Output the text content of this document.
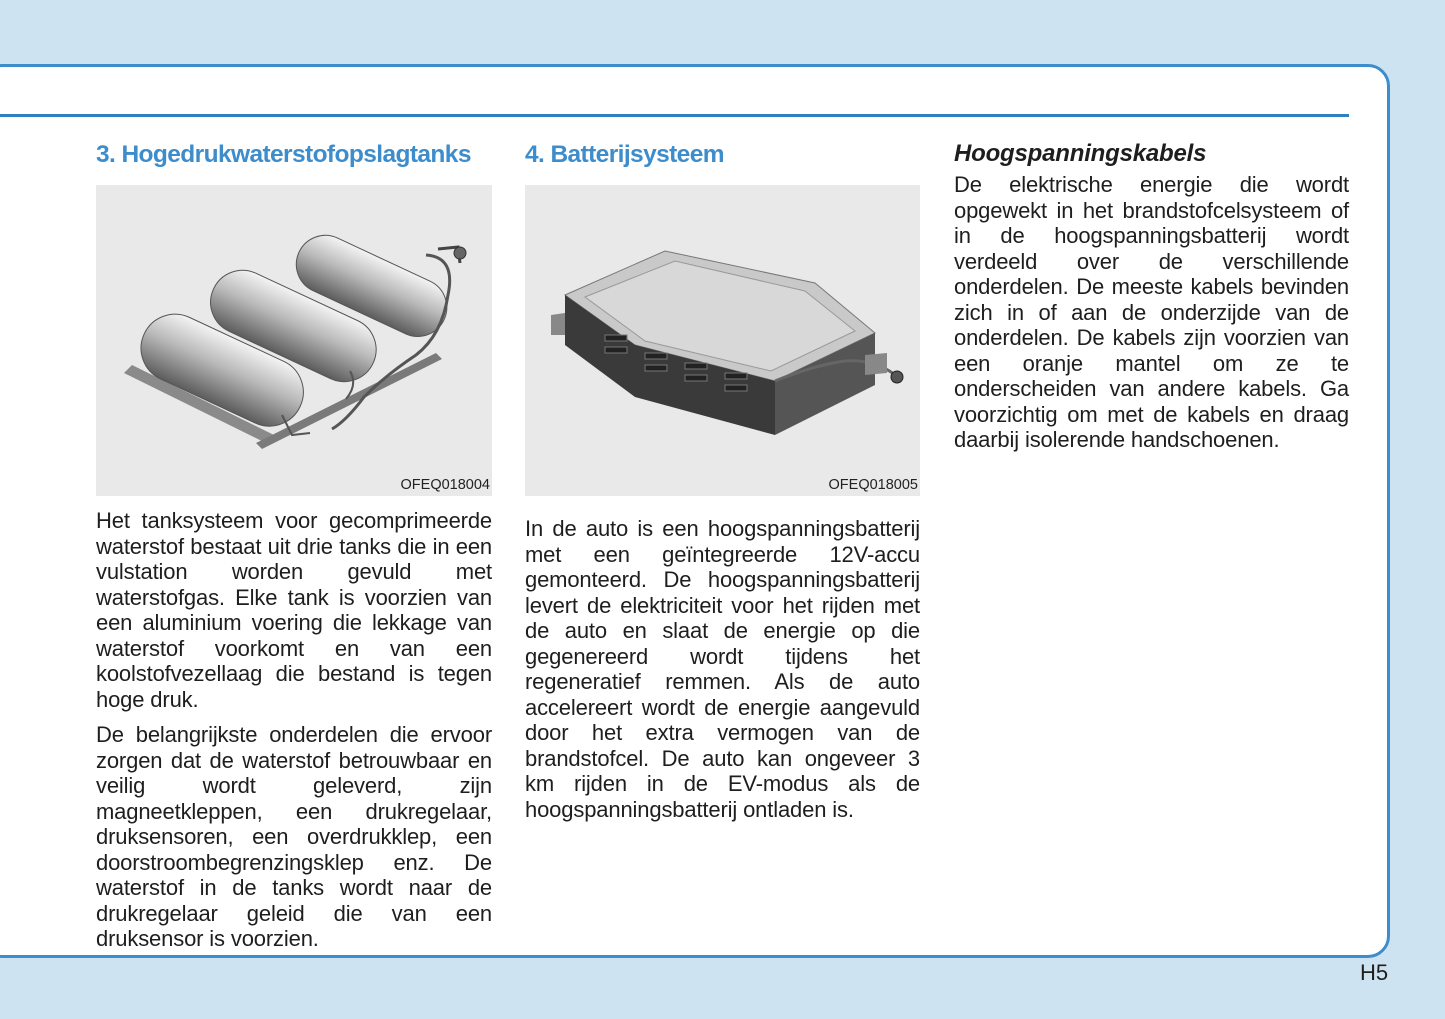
3. Hogedrukwaterstofopslagtanks
OFEQ018004

Het tanksysteem voor gecomprimeerde waterstof bestaat uit drie tanks die in een vulstation worden gevuld met waterstofgas. Elke tank is voorzien van een aluminium voering die lekkage van waterstof voorkomt en van een koolstofvezellaag die bestand is tegen hoge druk.

De belangrijkste onderdelen die ervoor zorgen dat de waterstof betrouwbaar en veilig wordt geleverd, zijn magneetkleppen, een drukregelaar, druksensoren, een overdrukklep, een doorstroombegrenzingsklep enz. De waterstof in de tanks wordt naar de drukregelaar geleid die van een druksensor is voorzien.

4. Batterijsysteem
OFEQ018005

In de auto is een hoogspanningsbatterij met een geïntegreerde 12V-accu gemonteerd. De hoogspanningsbatterij levert de elektriciteit voor het rijden met de auto en slaat de energie op die gegenereerd wordt tijdens het regeneratief remmen. Als de auto accelereert wordt de energie aangevuld door het extra vermogen van de brandstofcel. De auto kan ongeveer 3 km rijden in de EV-modus als de hoogspanningsbatterij ontladen is.

Hoogspanningskabels

De elektrische energie die wordt opgewekt in het brandstofcelsysteem of in de hoogspanningsbatterij wordt verdeeld over de verschillende onderdelen. De meeste kabels bevinden zich in of aan de onderzijde van de onderdelen. De kabels zijn voorzien van een oranje mantel om ze te onderscheiden van andere kabels. Ga voorzichtig om met de kabels en draag daarbij isolerende handschoenen.

H5
